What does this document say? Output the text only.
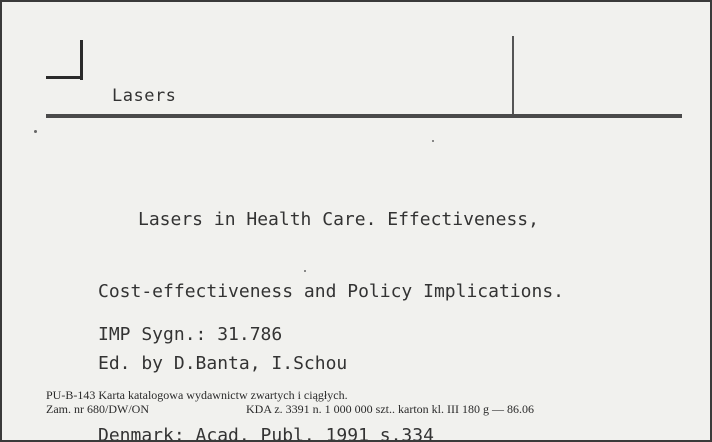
Lasers

Lasers in Health Care. Effectiveness,

Cost-effectiveness and Policy Implications.

Ed. by D.Banta, I.Schou

Denmark: Acad. Publ. 1991 s.334

IMP Sygn.: 31.786
PU-B-143 Karta katalogowa wydawnictw zwartych i ciągłych.
Zam. nr 680/DW/ON	KDA z. 3391 n. 1 000 000 szt.. karton kl. III 180 g — 86.06
